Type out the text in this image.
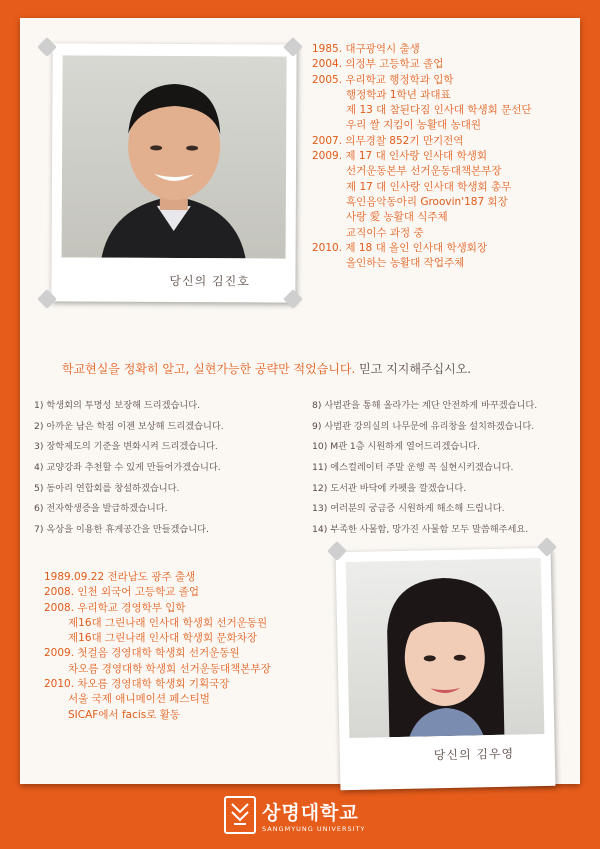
당신의 김진호
1985. 대구광역시 출생
2004. 의정부 고등학교 졸업
2005. 우리학교 행정학과 입학
행정학과 1학년 과대표
제 13 대 참된다짐 인사대 학생회 문선단
우리 쌀 지킴이 농활대 농대원
2007. 의무경찰 852기 만기전역
2009. 제 17 대 인사랑 인사대 학생회
선거운동본부 선거운동대책본부장
제 17 대 인사랑 인사대 학생회 총무
흑인음악동아리 Groovin'187 회장
사랑 愛 농활대 식주체
교직이수 과정 중
2010. 제 18 대 올인 인사대 학생회장
올인하는 농활대 작업주체
학교현실을 정확히 알고, 실현가능한 공략만 적었습니다. 믿고 지지해주십시오.
1) 학생회의 투명성 보장해 드리겠습니다.
2) 아까운 남은 학점 이젠 보상해 드리겠습니다.
3) 장학제도의 기준을 변화시켜 드리겠습니다.
4) 교양강좌 추천할 수 있게 만들어가겠습니다.
5) 동아리 연합회를 창설하겠습니다.
6) 전자학생증을 발급하겠습니다.
7) 옥상을 이용한 휴게공간을 만들겠습니다.
8) 사범관을 통해 올라가는 계단 안전하게 바꾸겠습니다.
9) 사범관 강의실의 나무문에 유리창을 설치하겠습니다.
10) M관 1층 시원하게 열어드리겠습니다.
11) 에스컬레이터 주말 운행 꼭 실현시키겠습니다.
12) 도서관 바닥에 카펫을 깔겠습니다.
13) 여러분의 궁금증 시원하게 해소해 드립니다.
14) 부족한 사물함, 망가진 사물함 모두 말씀해주세요.
1989.09.22 전라남도 광주 출생
2008. 인천 외국어 고등학교 졸업
2008. 우리학교 경영학부 입학
제16대 그린나래 인사대 학생회 선거운동원
제16대 그린나래 인사대 학생회 문화차장
2009. 첫걸음 경영대학 학생회 선거운동원
차오름 경영대학 학생회 선거운동대책본부장
2010. 차오름 경영대학 학생회 기획국장
서울 국제 애니메이션 페스티벌
SICAF에서 facis로 활동
당신의 김우영
상명대학교
SANGMYUNG UNIVERSITY
